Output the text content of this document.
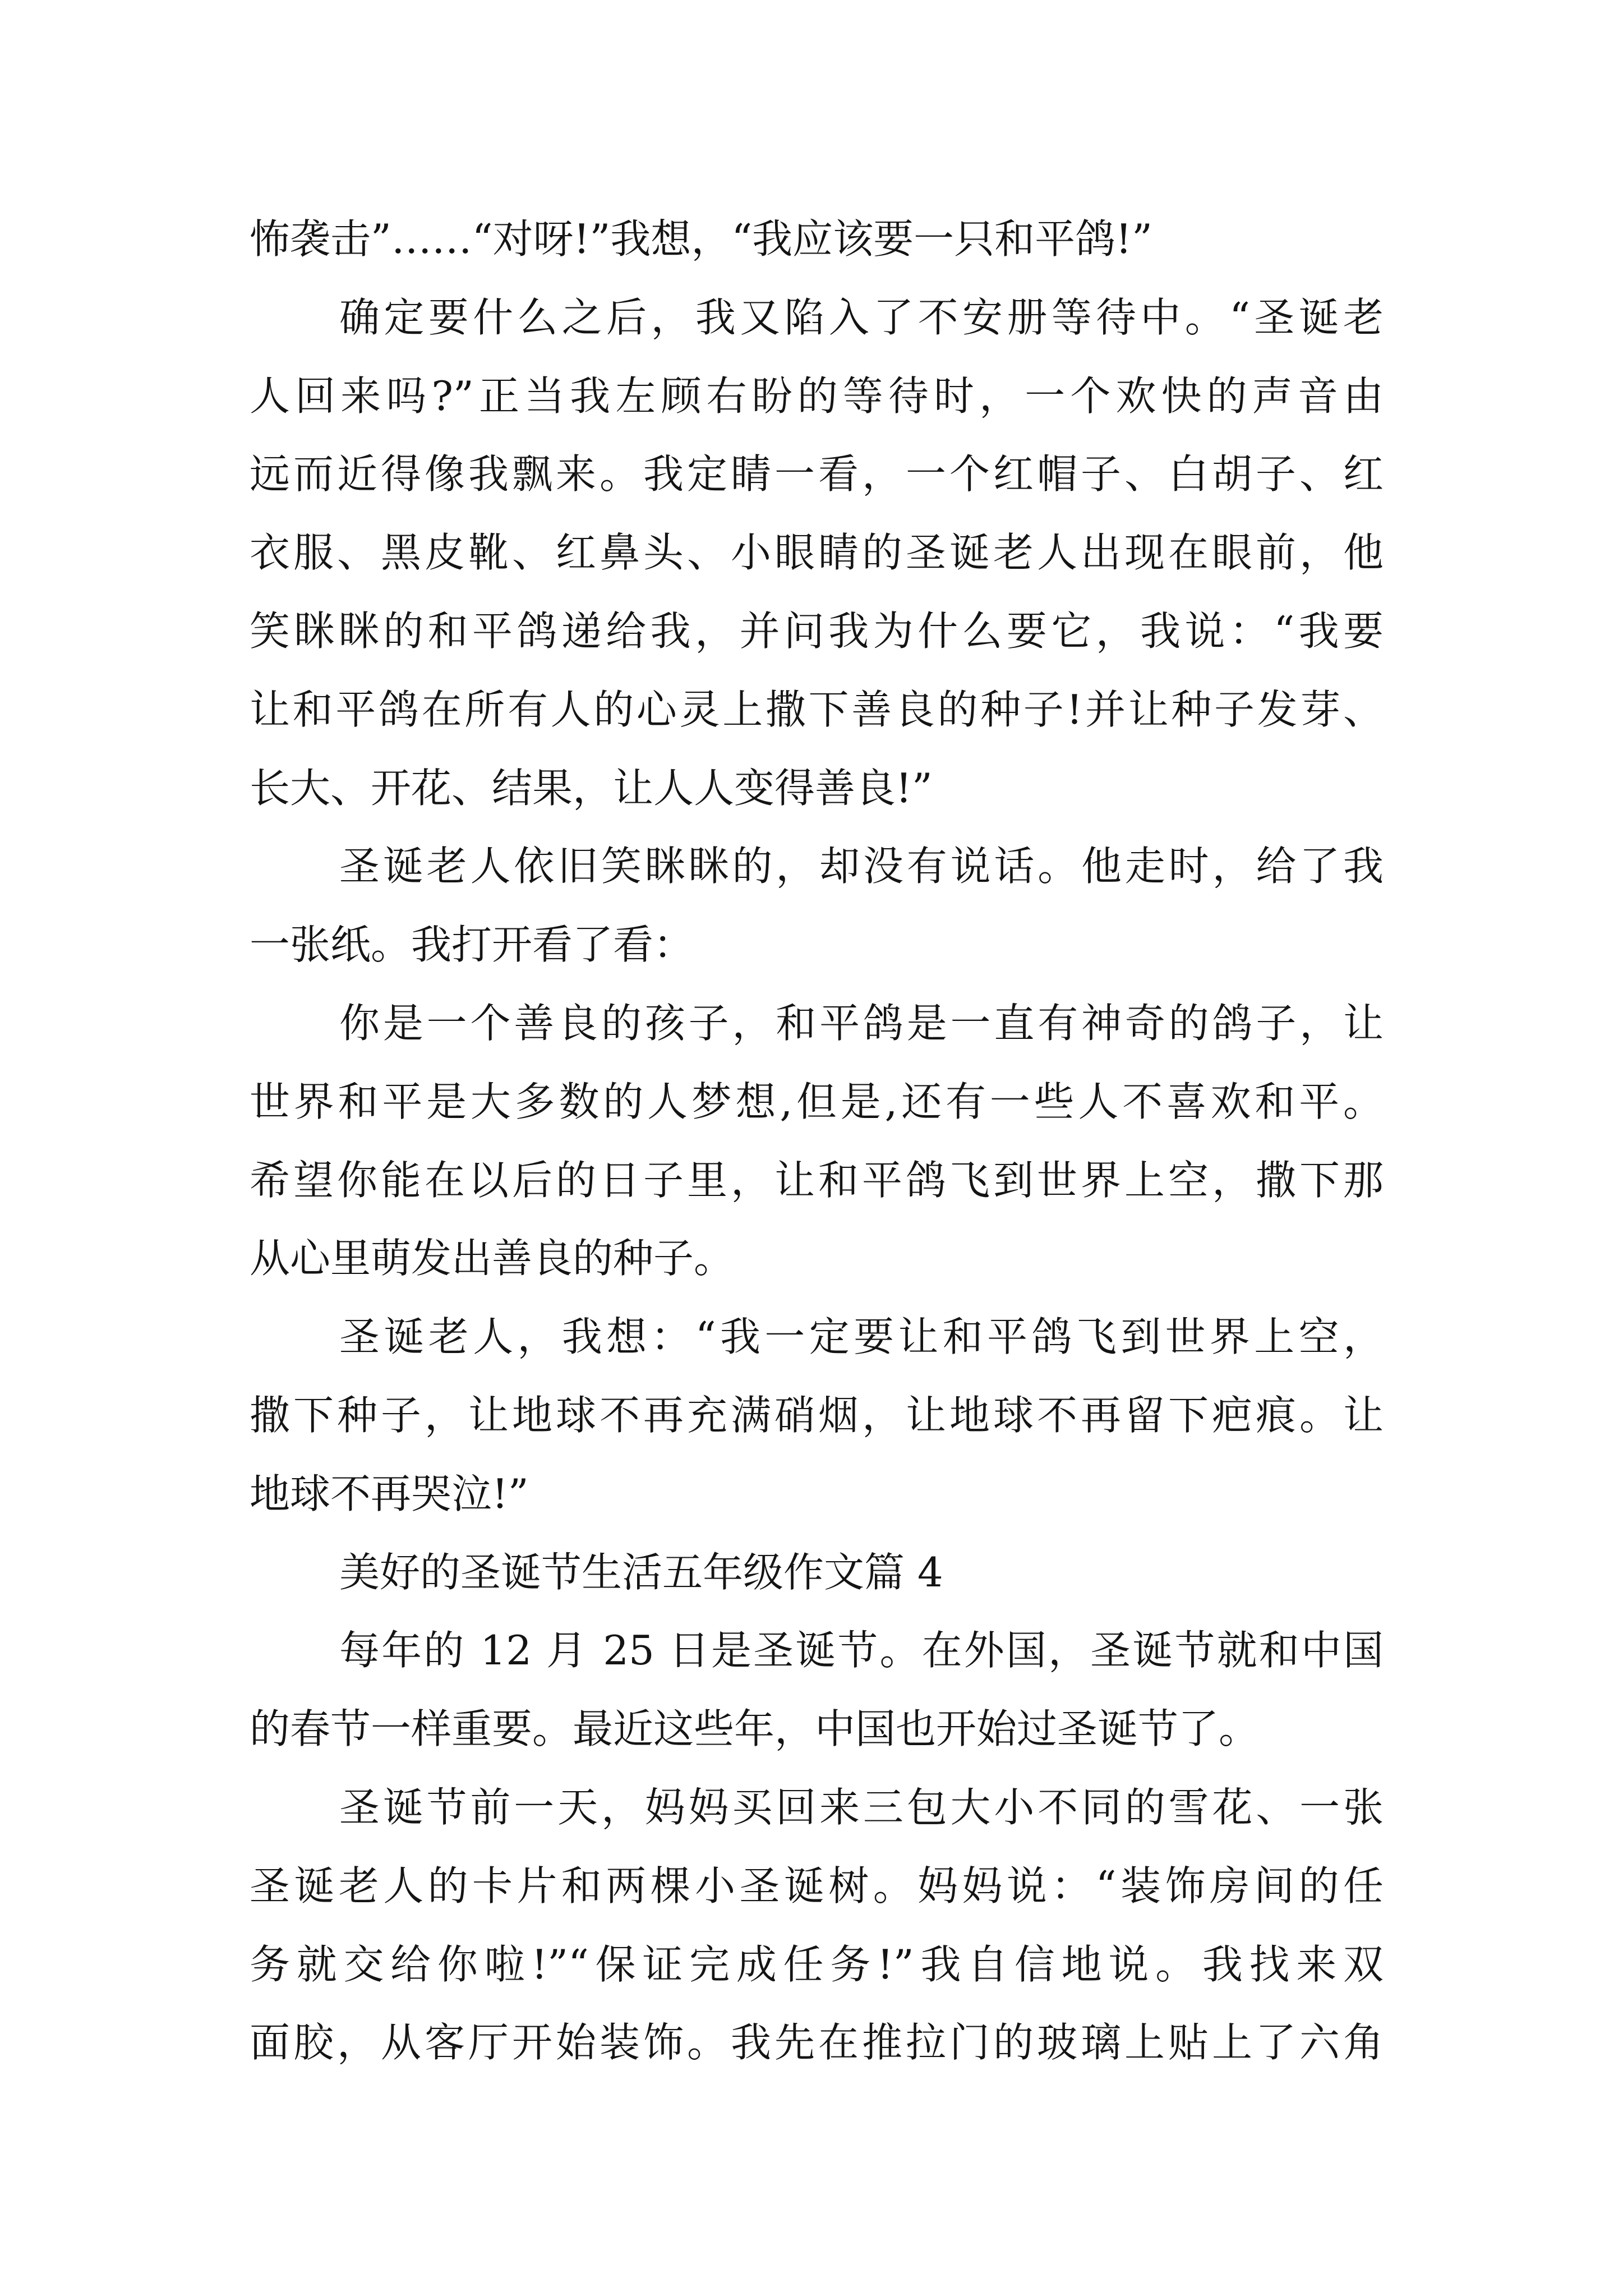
怖袭击”……“对呀!”我想，“我应该要一只和平鸽!”
确定要什么之后，我又陷入了不安册等待中。“圣诞老
人回来吗?”正当我左顾右盼的等待时，一个欢快的声音由
远而近得像我飘来。我定睛一看，一个红帽子、白胡子、红
衣服、黑皮靴、红鼻头、小眼睛的圣诞老人出现在眼前，他
笑眯眯的和平鸽递给我，并问我为什么要它，我说：“我要
让和平鸽在所有人的心灵上撒下善良的种子!并让种子发芽、
长大、开花、结果，让人人变得善良!”
圣诞老人依旧笑眯眯的，却没有说话。他走时，给了我
一张纸。我打开看了看：
你是一个善良的孩子，和平鸽是一直有神奇的鸽子，让
世界和平是大多数的人梦想,但是,还有一些人不喜欢和平。
希望你能在以后的日子里，让和平鸽飞到世界上空，撒下那
从心里萌发出善良的种子。
圣诞老人，我想：“我一定要让和平鸽飞到世界上空，
撒下种子，让地球不再充满硝烟，让地球不再留下疤痕。让
地球不再哭泣!”
美好的圣诞节生活五年级作文篇 4
每年的 12 月 25 日是圣诞节。在外国，圣诞节就和中国
的春节一样重要。最近这些年，中国也开始过圣诞节了。
圣诞节前一天，妈妈买回来三包大小不同的雪花、一张
圣诞老人的卡片和两棵小圣诞树。妈妈说：“装饰房间的任
务就交给你啦!”“保证完成任务!”我自信地说。我找来双
面胶，从客厅开始装饰。我先在推拉门的玻璃上贴上了六角
